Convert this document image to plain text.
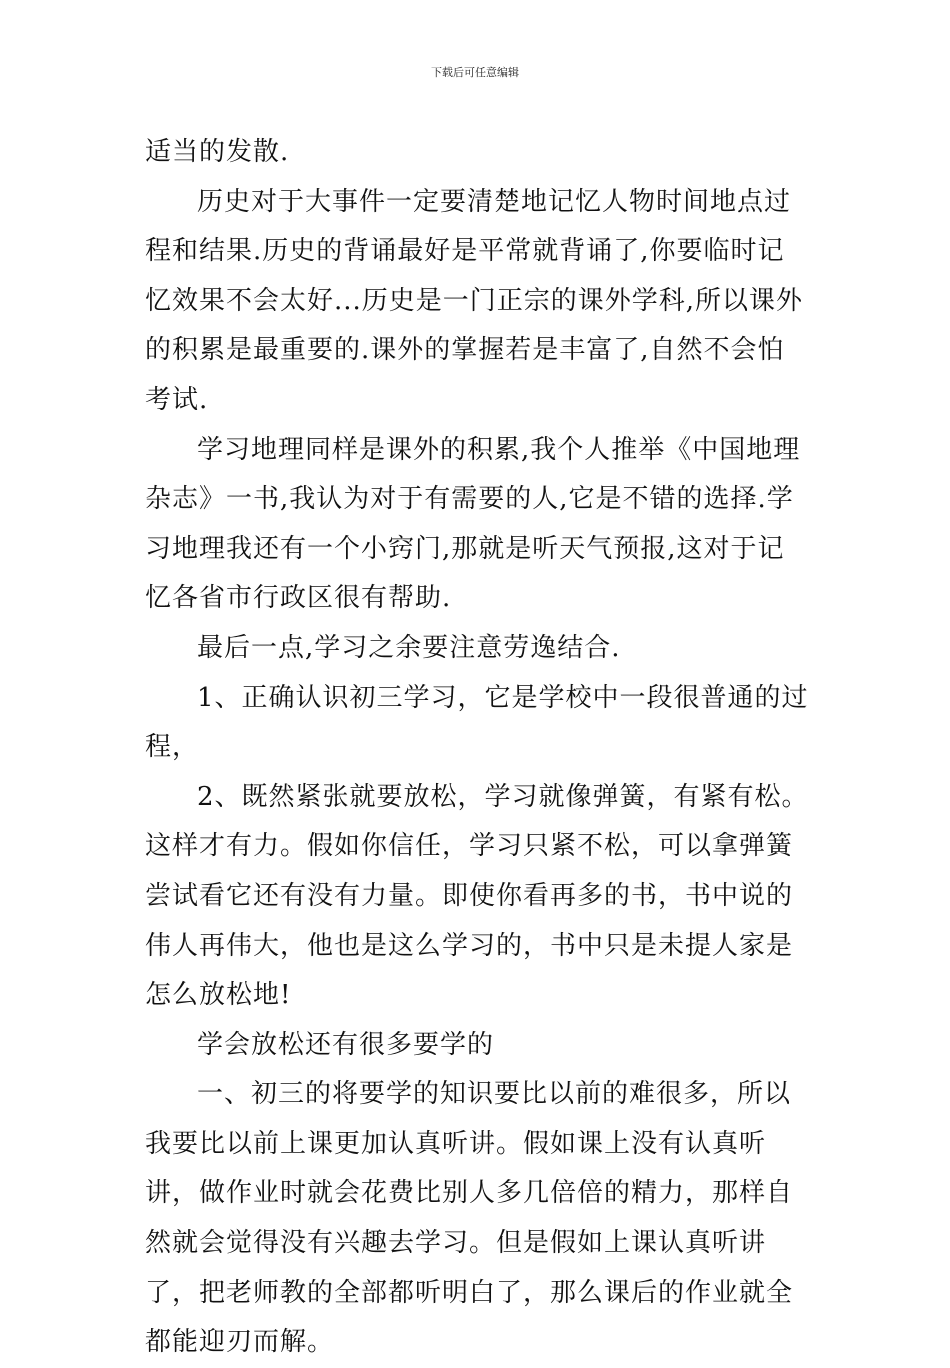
下载后可任意编辑

适当的发散.

历史对于大事件一定要清楚地记忆人物时间地点过程和结果.历史的背诵最好是平常就背诵了,你要临时记忆效果不会太好...历史是一门正宗的课外学科,所以课外的积累是最重要的.课外的掌握若是丰富了,自然不会怕考试.

学习地理同样是课外的积累,我个人推举《中国地理杂志》一书,我认为对于有需要的人,它是不错的选择.学习地理我还有一个小窍门,那就是听天气预报,这对于记忆各省市行政区很有帮助.

最后一点,学习之余要注意劳逸结合.

1、正确认识初三学习，它是学校中一段很普通的过程，

2、既然紧张就要放松，学习就像弹簧，有紧有松。这样才有力。假如你信任，学习只紧不松，可以拿弹簧尝试看它还有没有力量。即使你看再多的书，书中说的伟人再伟大，他也是这么学习的，书中只是未提人家是怎么放松地!

学会放松还有很多要学的

一、初三的将要学的知识要比以前的难很多，所以我要比以前上课更加认真听讲。假如课上没有认真听讲，做作业时就会花费比别人多几倍倍的精力，那样自然就会觉得没有兴趣去学习。但是假如上课认真听讲了，把老师教的全部都听明白了，那么课后的作业就全都能迎刃而解。
